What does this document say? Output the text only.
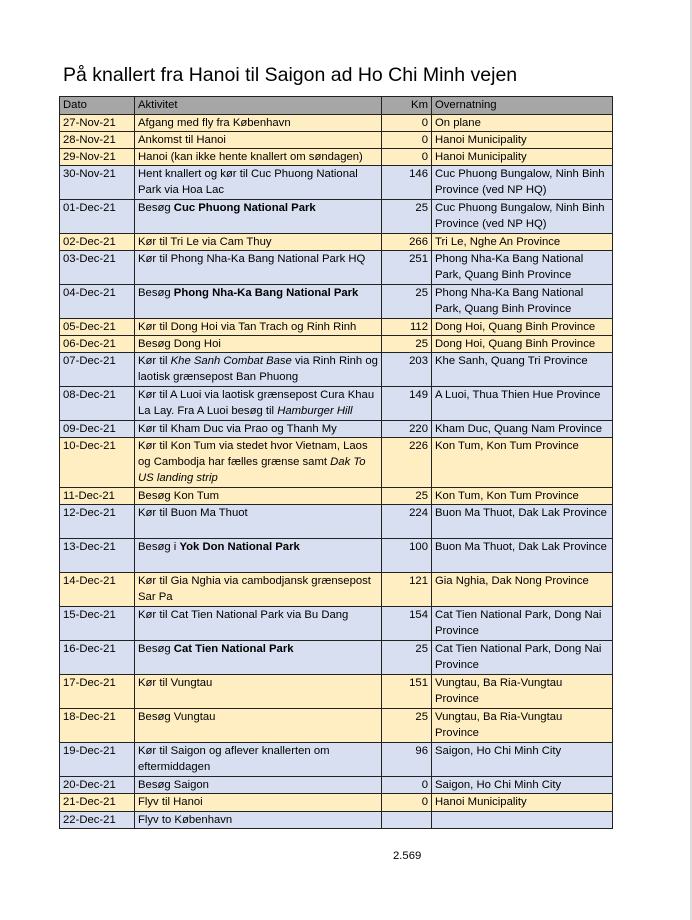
På knallert fra Hanoi til Saigon ad Ho Chi Minh vejen
Dato	Aktivitet	Km	Overnatning
27-Nov-21	Afgang med fly fra København	0	On plane
28-Nov-21	Ankomst til Hanoi	0	Hanoi Municipality
29-Nov-21	Hanoi (kan ikke hente knallert om søndagen)	0	Hanoi Municipality
30-Nov-21	Hent knallert og kør til Cuc Phuong National Park via Hoa Lac	146	Cuc Phuong Bungalow, Ninh Binh Province (ved NP HQ)
01-Dec-21	Besøg Cuc Phuong National Park	25	Cuc Phuong Bungalow, Ninh Binh Province (ved NP HQ)
02-Dec-21	Kør til Tri Le via Cam Thuy	266	Tri Le, Nghe An Province
03-Dec-21	Kør til Phong Nha-Ka Bang National Park HQ	251	Phong Nha-Ka Bang National Park, Quang Binh Province
04-Dec-21	Besøg Phong Nha-Ka Bang National Park	25	Phong Nha-Ka Bang National Park, Quang Binh Province
05-Dec-21	Kør til Dong Hoi via Tan Trach og Rinh Rinh	112	Dong Hoi, Quang Binh Province
06-Dec-21	Besøg Dong Hoi	25	Dong Hoi, Quang Binh Province
07-Dec-21	Kør til Khe Sanh Combat Base via Rinh Rinh og laotisk grænsepost Ban Phuong	203	Khe Sanh, Quang Tri Province
08-Dec-21	Kør til A Luoi via laotisk grænsepost Cura Khau La Lay. Fra A Luoi besøg til Hamburger Hill	149	A Luoi, Thua Thien Hue Province
09-Dec-21	Kør til Kham Duc via Prao og Thanh My	220	Kham Duc, Quang Nam Province
10-Dec-21	Kør til Kon Tum via stedet hvor Vietnam, Laos og Cambodja har fælles grænse samt Dak To US landing strip	226	Kon Tum, Kon Tum Province
11-Dec-21	Besøg Kon Tum	25	Kon Tum, Kon Tum Province
12-Dec-21	Kør til Buon Ma Thuot	224	Buon Ma Thuot, Dak Lak Province
13-Dec-21	Besøg i Yok Don National Park	100	Buon Ma Thuot, Dak Lak Province
14-Dec-21	Kør til Gia Nghia via cambodjansk grænsepost Sar Pa	121	Gia Nghia, Dak Nong Province
15-Dec-21	Kør til Cat Tien National Park via Bu Dang	154	Cat Tien National Park, Dong Nai Province
16-Dec-21	Besøg Cat Tien National Park	25	Cat Tien National Park, Dong Nai Province
17-Dec-21	Kør til Vungtau	151	Vungtau, Ba Ria-Vungtau Province
18-Dec-21	Besøg Vungtau	25	Vungtau, Ba Ria-Vungtau Province
19-Dec-21	Kør til Saigon og aflever knallerten om eftermiddagen	96	Saigon, Ho Chi Minh City
20-Dec-21	Besøg Saigon	0	Saigon, Ho Chi Minh City
21-Dec-21	Flyv til Hanoi	0	Hanoi Municipality
22-Dec-21	Flyv to København		
2.569
